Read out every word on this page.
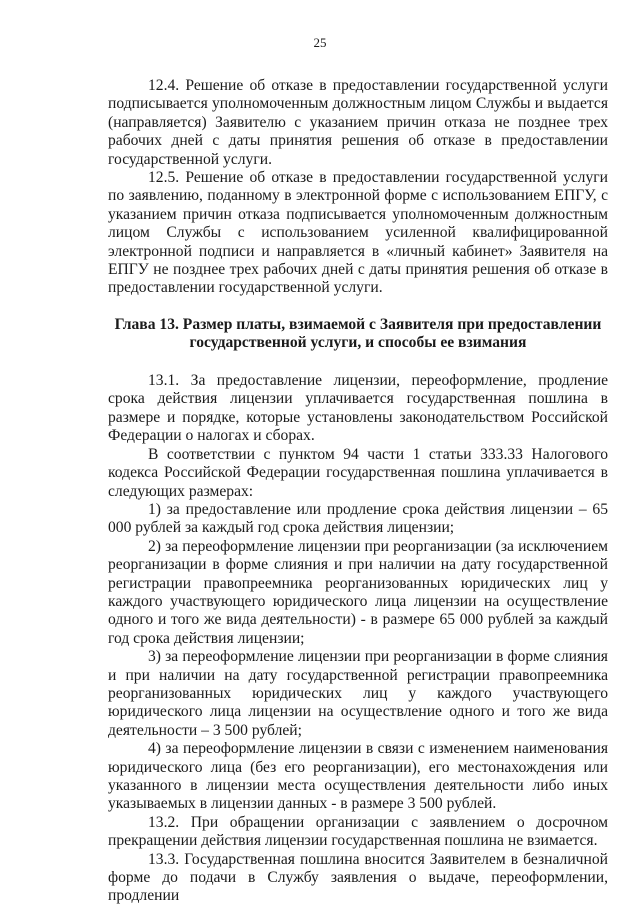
25

12.4. Решение об отказе в предоставлении государственной услуги подписывается уполномоченным должностным лицом Службы и выдается (направляется) Заявителю с указанием причин отказа не позднее трех рабочих дней с даты принятия решения об отказе в предоставлении государственной услуги.

12.5. Решение об отказе в предоставлении государственной услуги по заявлению, поданному в электронной форме с использованием ЕПГУ, с указанием причин отказа подписывается уполномоченным должностным лицом Службы с использованием усиленной квалифицированной электронной подписи и направляется в «личный кабинет» Заявителя на ЕПГУ не позднее трех рабочих дней с даты принятия решения об отказе в предоставлении государственной услуги.

Глава 13. Размер платы, взимаемой с Заявителя при предоставлении государственной услуги, и способы ее взимания

13.1. За предоставление лицензии, переоформление, продление срока действия лицензии уплачивается государственная пошлина в размере и порядке, которые установлены законодательством Российской Федерации о налогах и сборах.

В соответствии с пунктом 94 части 1 статьи 333.33 Налогового кодекса Российской Федерации государственная пошлина уплачивается в следующих размерах:

1) за предоставление или продление срока действия лицензии – 65 000 рублей за каждый год срока действия лицензии;

2) за переоформление лицензии при реорганизации (за исключением реорганизации в форме слияния и при наличии на дату государственной регистрации правопреемника реорганизованных юридических лиц у каждого участвующего юридического лица лицензии на осуществление одного и того же вида деятельности) - в размере 65 000 рублей за каждый год срока действия лицензии;

3) за переоформление лицензии при реорганизации в форме слияния и при наличии на дату государственной регистрации правопреемника реорганизованных юридических лиц у каждого участвующего юридического лица лицензии на осуществление одного и того же вида деятельности – 3 500 рублей;

4) за переоформление лицензии в связи с изменением наименования юридического лица (без его реорганизации), его местонахождения или указанного в лицензии места осуществления деятельности либо иных указываемых в лицензии данных - в размере 3 500 рублей.

13.2. При обращении организации с заявлением о досрочном прекращении действия лицензии государственная пошлина не взимается.

13.3. Государственная пошлина вносится Заявителем в безналичной форме до подачи в Службу заявления о выдаче, переоформлении, продлении
